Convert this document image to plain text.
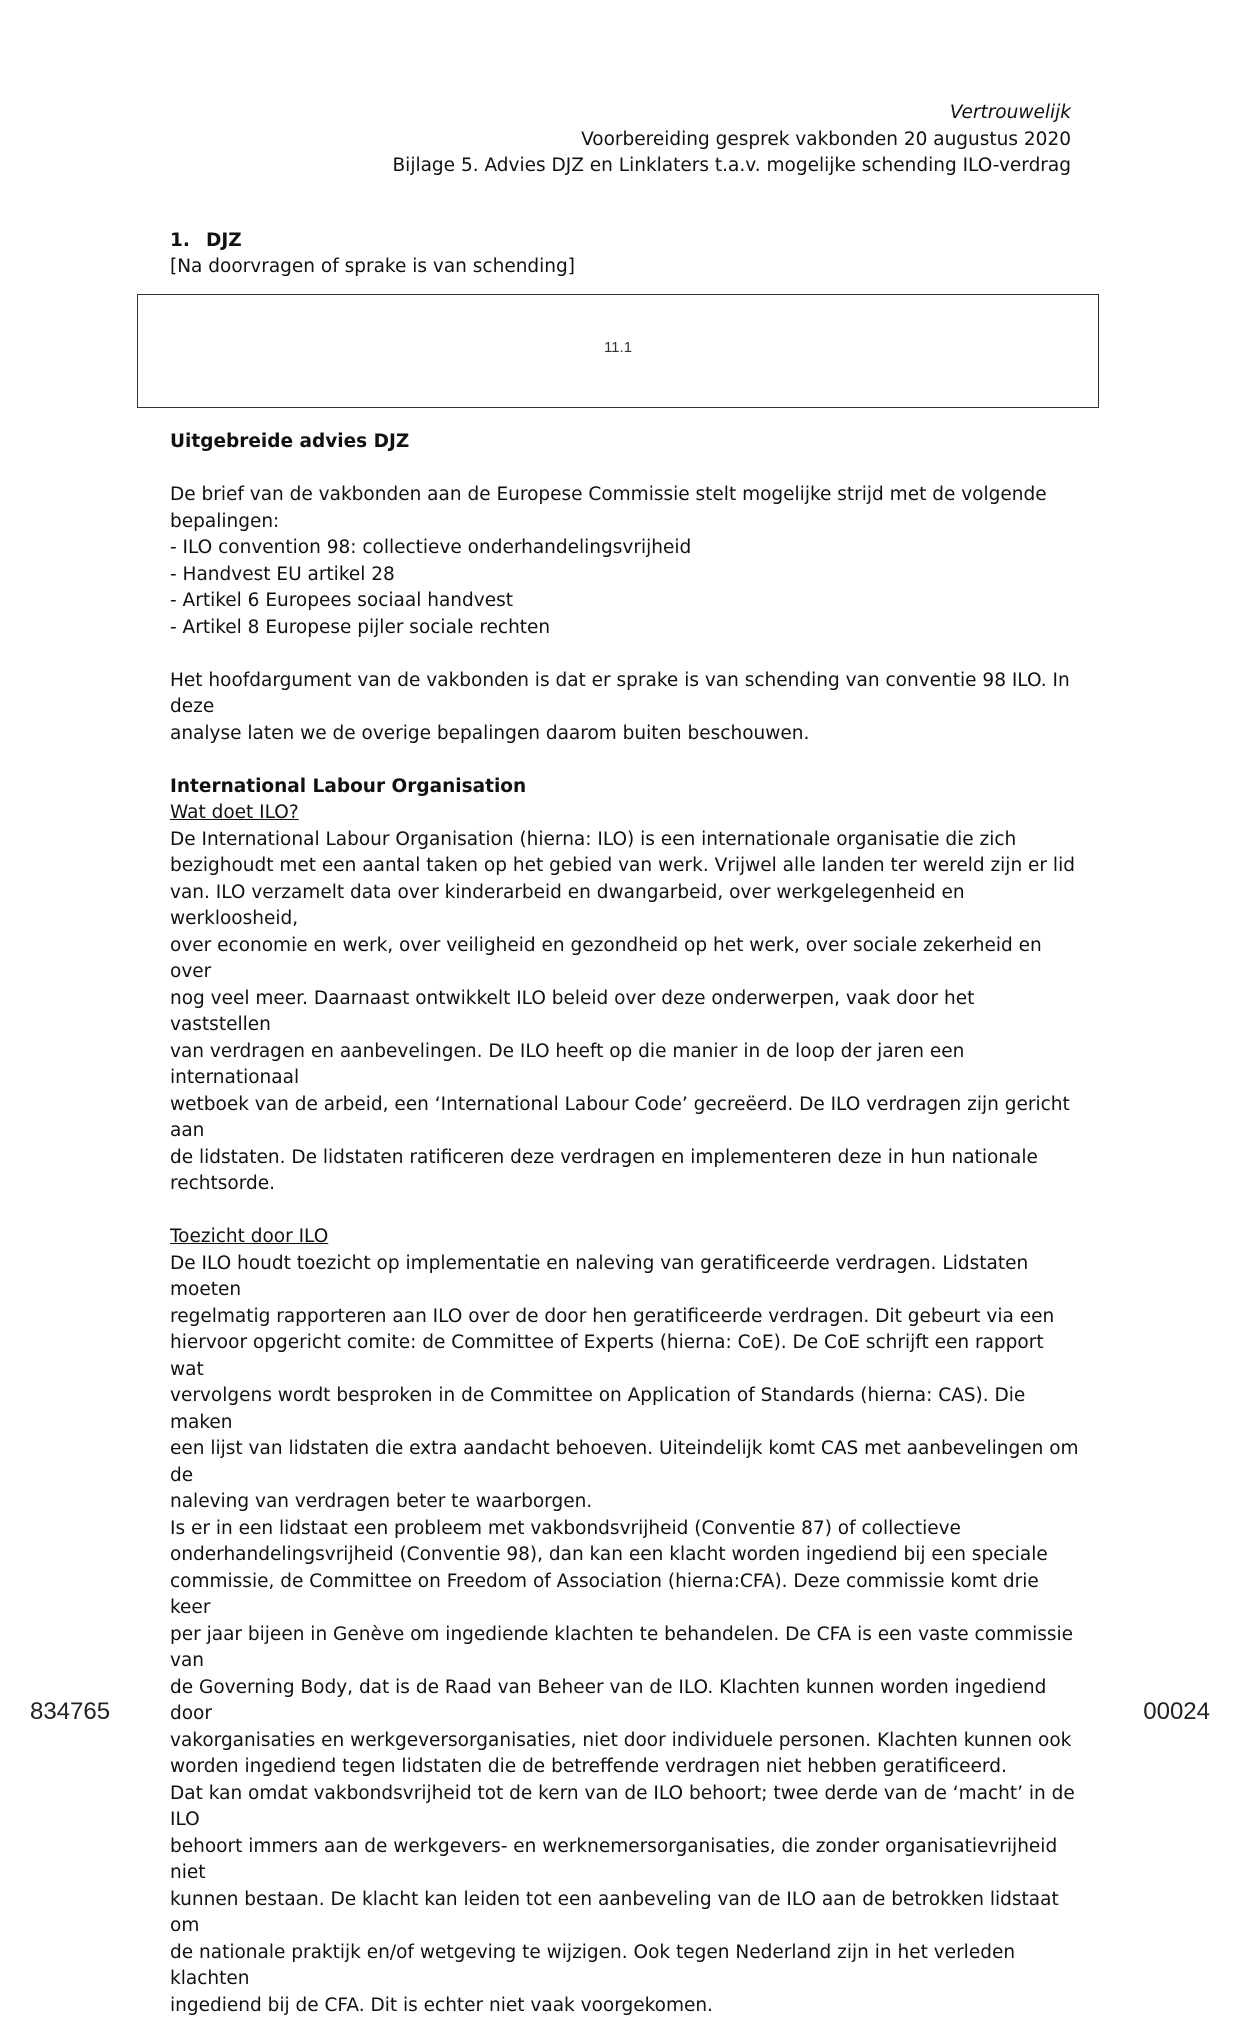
Vertrouwelijk
Voorbereiding gesprek vakbonden 20 augustus 2020
Bijlage 5. Advies DJZ en Linklaters t.a.v. mogelijke schending ILO-verdrag
1. DJZ
[Na doorvragen of sprake is van schending]
11.1

Uitgebreide advies DJZ

De brief van de vakbonden aan de Europese Commissie stelt mogelijke strijd met de volgende

bepalingen:

- ILO convention 98: collectieve onderhandelingsvrijheid

- Handvest EU artikel 28

- Artikel 6 Europees sociaal handvest

- Artikel 8 Europese pijler sociale rechten

Het hoofdargument van de vakbonden is dat er sprake is van schending van conventie 98 ILO. In deze

analyse laten we de overige bepalingen daarom buiten beschouwen.

International Labour Organisation

Wat doet ILO?

De International Labour Organisation (hierna: ILO) is een internationale organisatie die zich

bezighoudt met een aantal taken op het gebied van werk. Vrijwel alle landen ter wereld zijn er lid

van. ILO verzamelt data over kinderarbeid en dwangarbeid, over werkgelegenheid en werkloosheid,

over economie en werk, over veiligheid en gezondheid op het werk, over sociale zekerheid en over

nog veel meer. Daarnaast ontwikkelt ILO beleid over deze onderwerpen, vaak door het vaststellen

van verdragen en aanbevelingen. De ILO heeft op die manier in de loop der jaren een internationaal

wetboek van de arbeid, een ‘International Labour Code’ gecreëerd. De ILO verdragen zijn gericht aan

de lidstaten. De lidstaten ratificeren deze verdragen en implementeren deze in hun nationale

rechtsorde.

Toezicht door ILO

De ILO houdt toezicht op implementatie en naleving van geratificeerde verdragen. Lidstaten moeten

regelmatig rapporteren aan ILO over de door hen geratificeerde verdragen. Dit gebeurt via een

hiervoor opgericht comite: de Committee of Experts (hierna: CoE). De CoE schrijft een rapport wat

vervolgens wordt besproken in de Committee on Application of Standards (hierna: CAS). Die maken

een lijst van lidstaten die extra aandacht behoeven. Uiteindelijk komt CAS met aanbevelingen om de

naleving van verdragen beter te waarborgen.

Is er in een lidstaat een probleem met vakbondsvrijheid (Conventie 87) of collectieve

onderhandelingsvrijheid (Conventie 98), dan kan een klacht worden ingediend bij een speciale

commissie, de Committee on Freedom of Association (hierna:CFA). Deze commissie komt drie keer

per jaar bijeen in Genève om ingediende klachten te behandelen. De CFA is een vaste commissie van

de Governing Body, dat is de Raad van Beheer van de ILO. Klachten kunnen worden ingediend door

vakorganisaties en werkgeversorganisaties, niet door individuele personen. Klachten kunnen ook

worden ingediend tegen lidstaten die de betreffende verdragen niet hebben geratificeerd.

Dat kan omdat vakbondsvrijheid tot de kern van de ILO behoort; twee derde van de ‘macht’ in de ILO

behoort immers aan de werkgevers- en werknemersorganisaties, die zonder organisatievrijheid niet

kunnen bestaan. De klacht kan leiden tot een aanbeveling van de ILO aan de betrokken lidstaat om

de nationale praktijk en/of wetgeving te wijzigen. Ook tegen Nederland zijn in het verleden klachten

ingediend bij de CFA. Dit is echter niet vaak voorgekomen.

834765	00024
